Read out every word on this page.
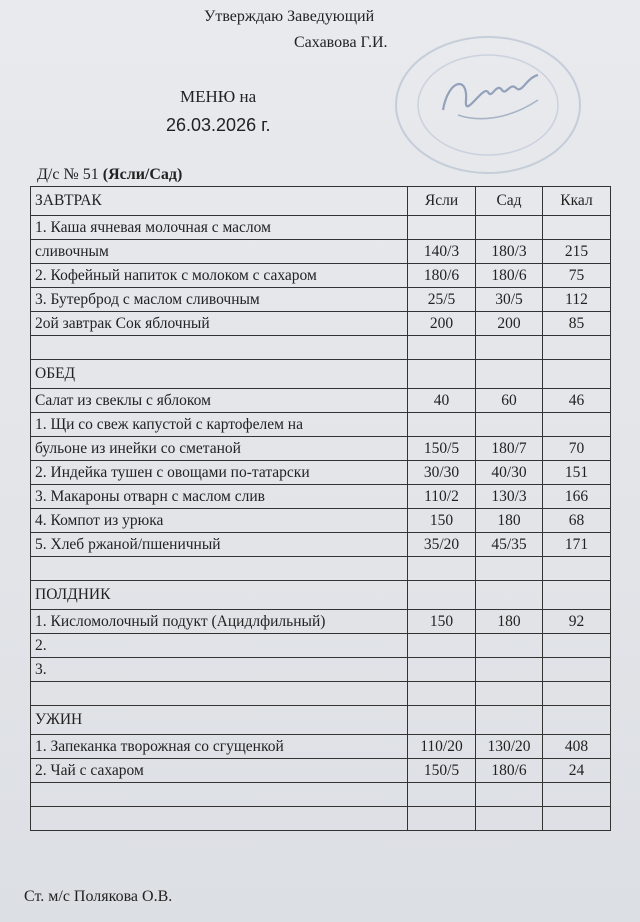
Утверждаю Заведующий
Сахавова Г.И.
МЕНЮ на
26.03.2026 г.
Д/с № 51 (Ясли/Сад)
ЗАВТРАК	Ясли	Сад	Ккал
1. Каша ячневая молочная с маслом			
сливочным	140/3	180/3	215
2. Кофейный напиток с молоком с сахаром	180/6	180/6	75
3. Бутерброд с маслом сливочным	25/5	30/5	112
2ой завтрак Сок яблочный	200	200	85

ОБЕД			
Салат из свеклы с яблоком	40	60	46
1. Щи со свеж капустой с картофелем на			
бульоне из инейки со сметаной	150/5	180/7	70
2. Индейка тушен с овощами по-татарски	30/30	40/30	151
3. Макароны отварн с маслом слив	110/2	130/3	166
4. Компот из урюка	150	180	68
5. Хлеб ржаной/пшеничный	35/20	45/35	171

ПОЛДНИК			
1. Кисломолочный подукт (Ацидлфильный)	150	180	92
2.			
3.			

УЖИН			
1. Запеканка творожная со сгущенкой	110/20	130/20	408
2. Чай с сахаром	150/5	180/6	24

Ст. м/с Полякова О.В.
